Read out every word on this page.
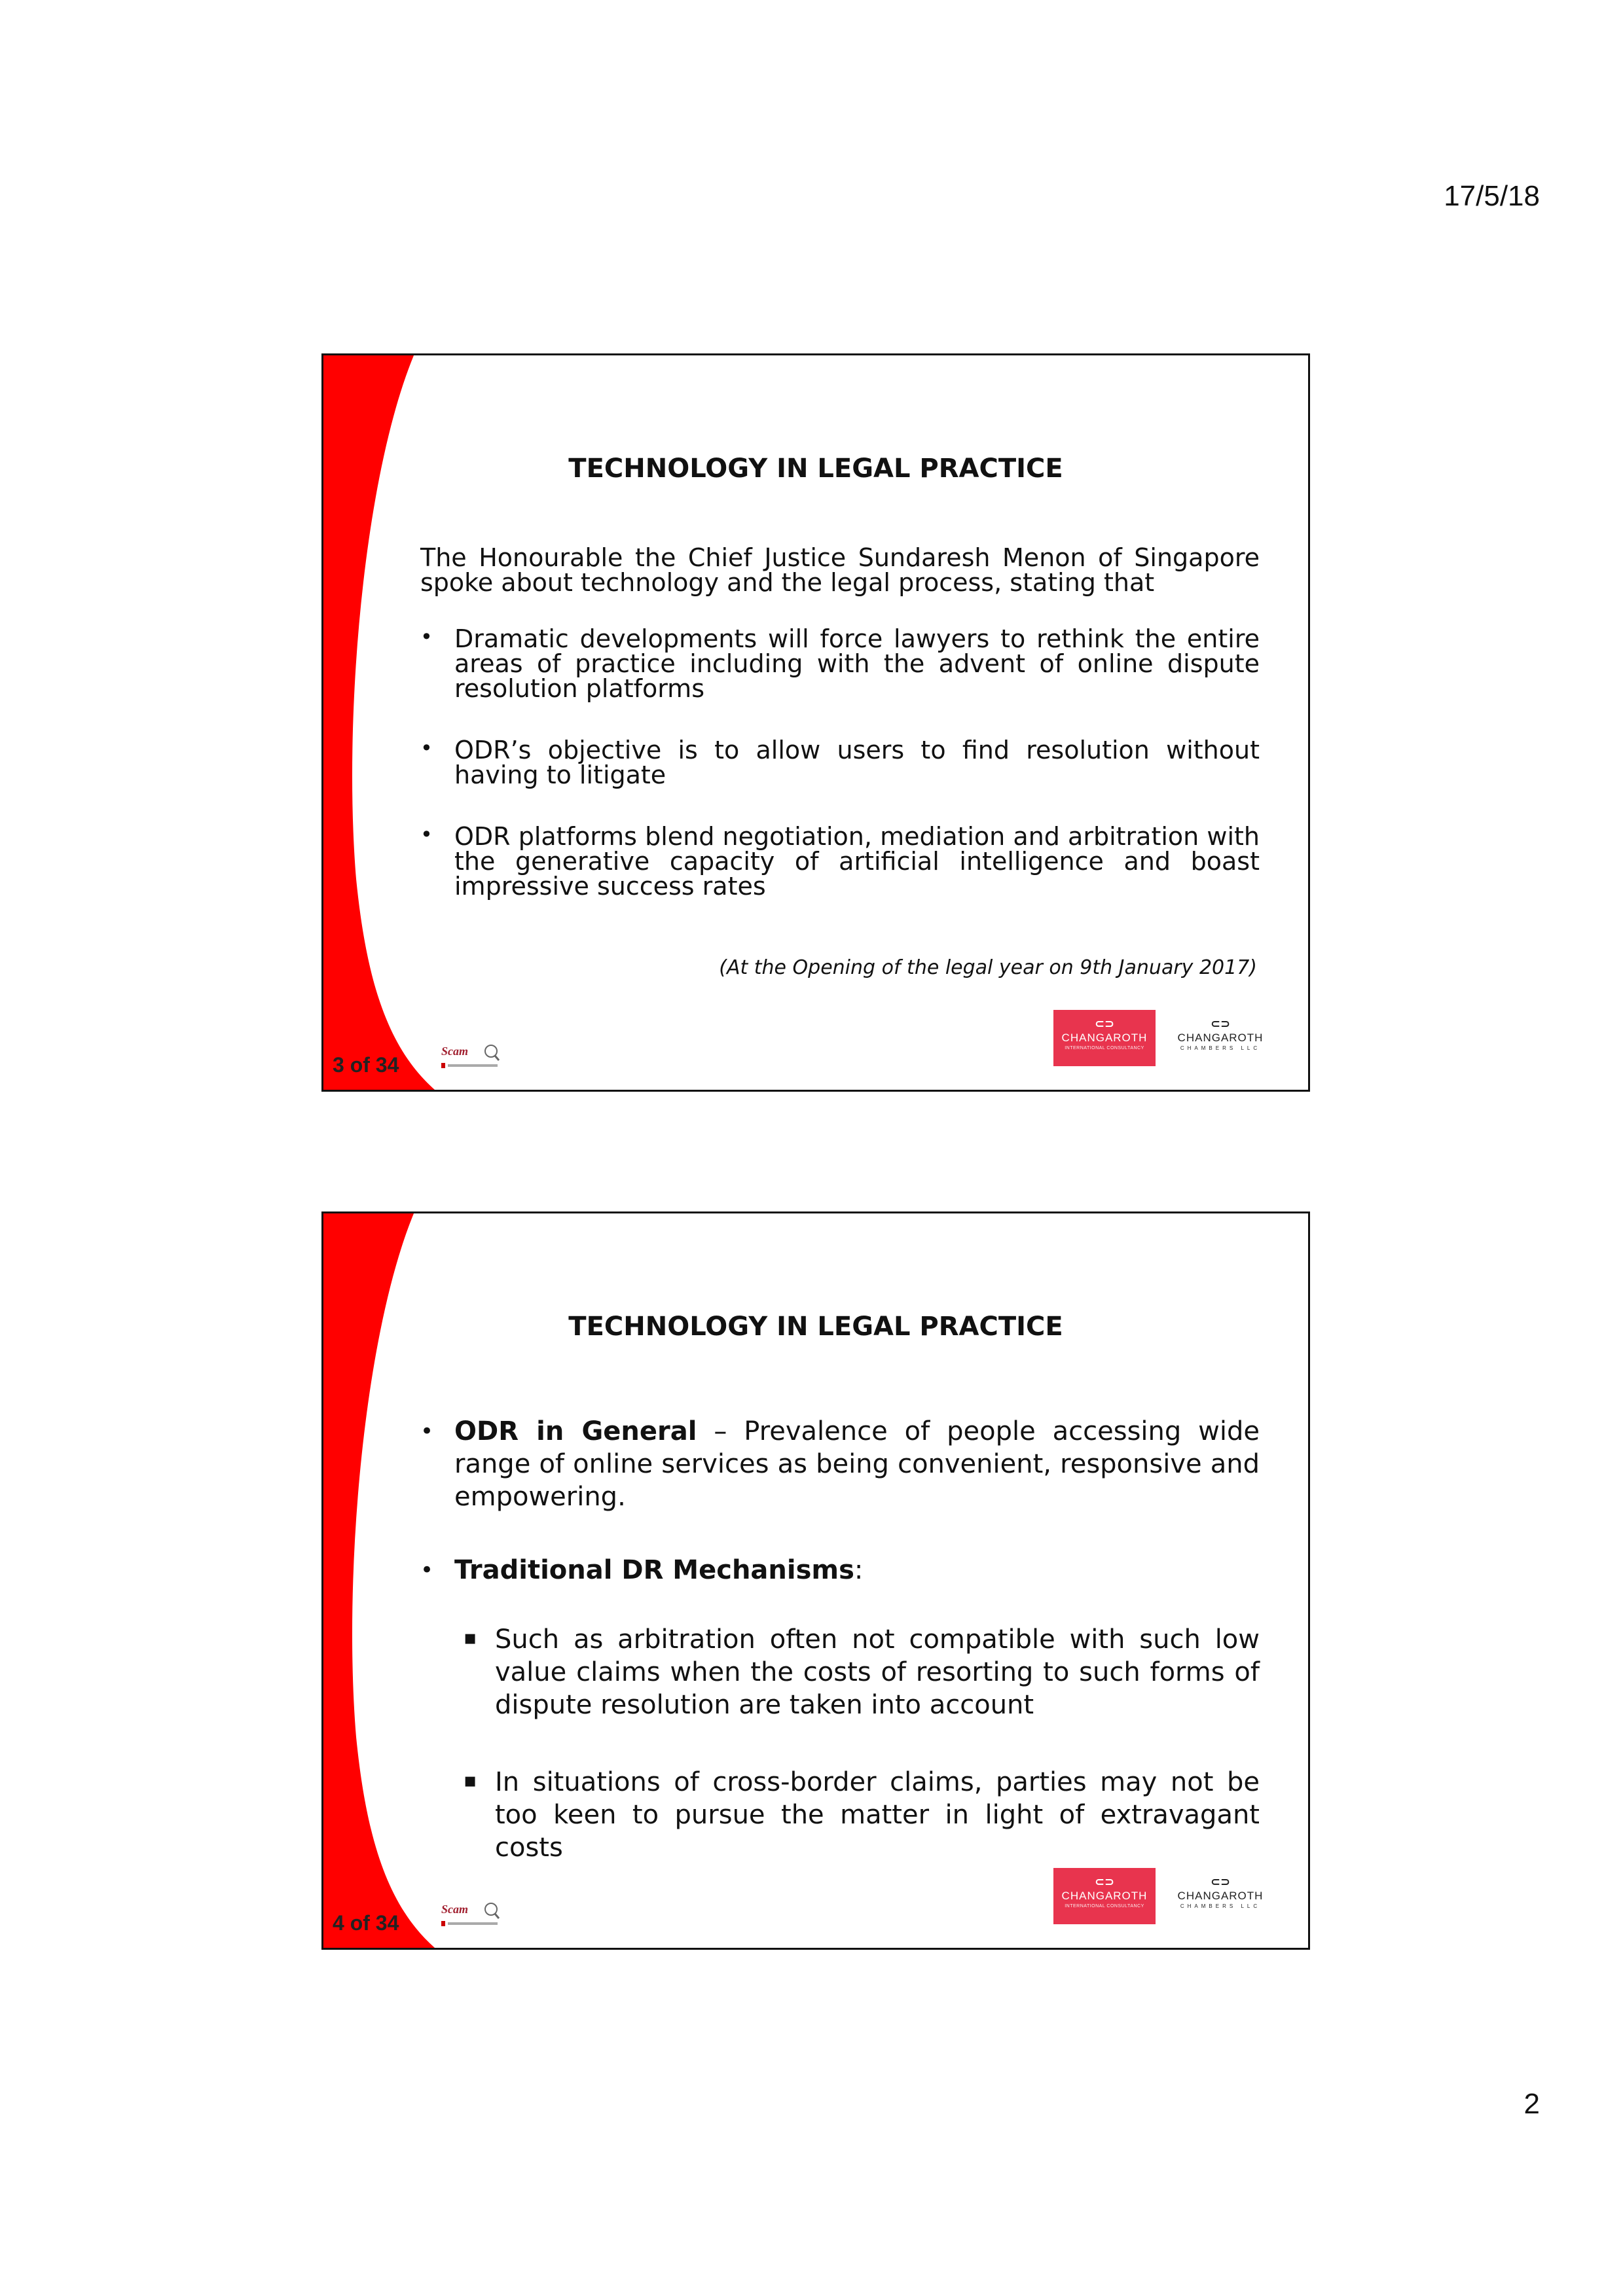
17/5/18
TECHNOLOGY IN LEGAL PRACTICE
The Honourable the Chief Justice Sundaresh Menon of Singapore spoke about technology and the legal process, stating that
• Dramatic developments will force lawyers to rethink the entire areas of practice including with the advent of online dispute resolution platforms
• ODR’s objective is to allow users to find resolution without having to litigate
• ODR platforms blend negotiation, mediation and arbitration with the generative capacity of artificial intelligence and boast impressive success rates
(At the Opening of the legal year on 9th January 2017)
3 of 34
Scam
⊂⊃
CHANGAROTH
INTERNATIONAL CONSULTANCY
⊂⊃
CHANGAROTH
CHAMBERS LLC
TECHNOLOGY IN LEGAL PRACTICE
• ODR in General – Prevalence of people accessing wide range of online services as being convenient, responsive and empowering.
• Traditional DR Mechanisms:
▪ Such as arbitration often not compatible with such low value claims when the costs of resorting to such forms of dispute resolution are taken into account
▪ In situations of cross-border claims, parties may not be too keen to pursue the matter in light of extravagant costs
4 of 34
Scam
⊂⊃
CHANGAROTH
INTERNATIONAL CONSULTANCY
⊂⊃
CHANGAROTH
CHAMBERS LLC
2
